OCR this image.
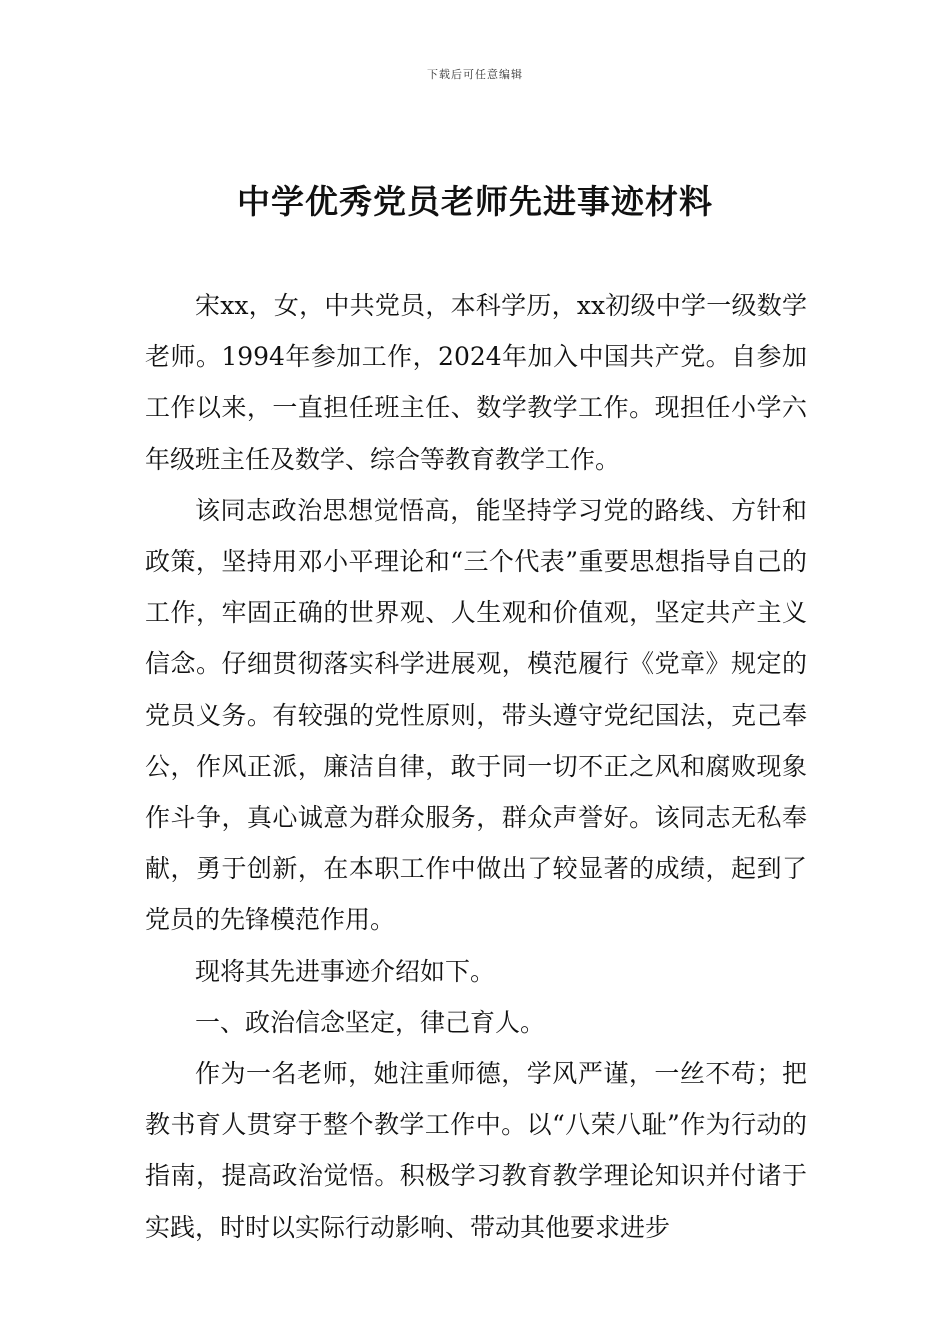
下载后可任意编辑
中学优秀党员老师先进事迹材料

宋xx，女，中共党员，本科学历，xx初级中学一级数学老师。1994年参加工作，2024年加入中国共产党。自参加工作以来，一直担任班主任、数学教学工作。现担任小学六年级班主任及数学、综合等教育教学工作。

该同志政治思想觉悟高，能坚持学习党的路线、方针和政策，坚持用邓小平理论和“三个代表”重要思想指导自己的工作，牢固正确的世界观、人生观和价值观，坚定共产主义信念。仔细贯彻落实科学进展观，模范履行《党章》规定的党员义务。有较强的党性原则，带头遵守党纪国法，克己奉公，作风正派，廉洁自律，敢于同一切不正之风和腐败现象作斗争，真心诚意为群众服务，群众声誉好。该同志无私奉献，勇于创新，在本职工作中做出了较显著的成绩，起到了党员的先锋模范作用。

现将其先进事迹介绍如下。

一、政治信念坚定，律己育人。

作为一名老师，她注重师德，学风严谨，一丝不苟；把教书育人贯穿于整个教学工作中。以“八荣八耻”作为行动的指南，提高政治觉悟。积极学习教育教学理论知识并付诸于实践，时时以实际行动影响、带动其他要求进步
